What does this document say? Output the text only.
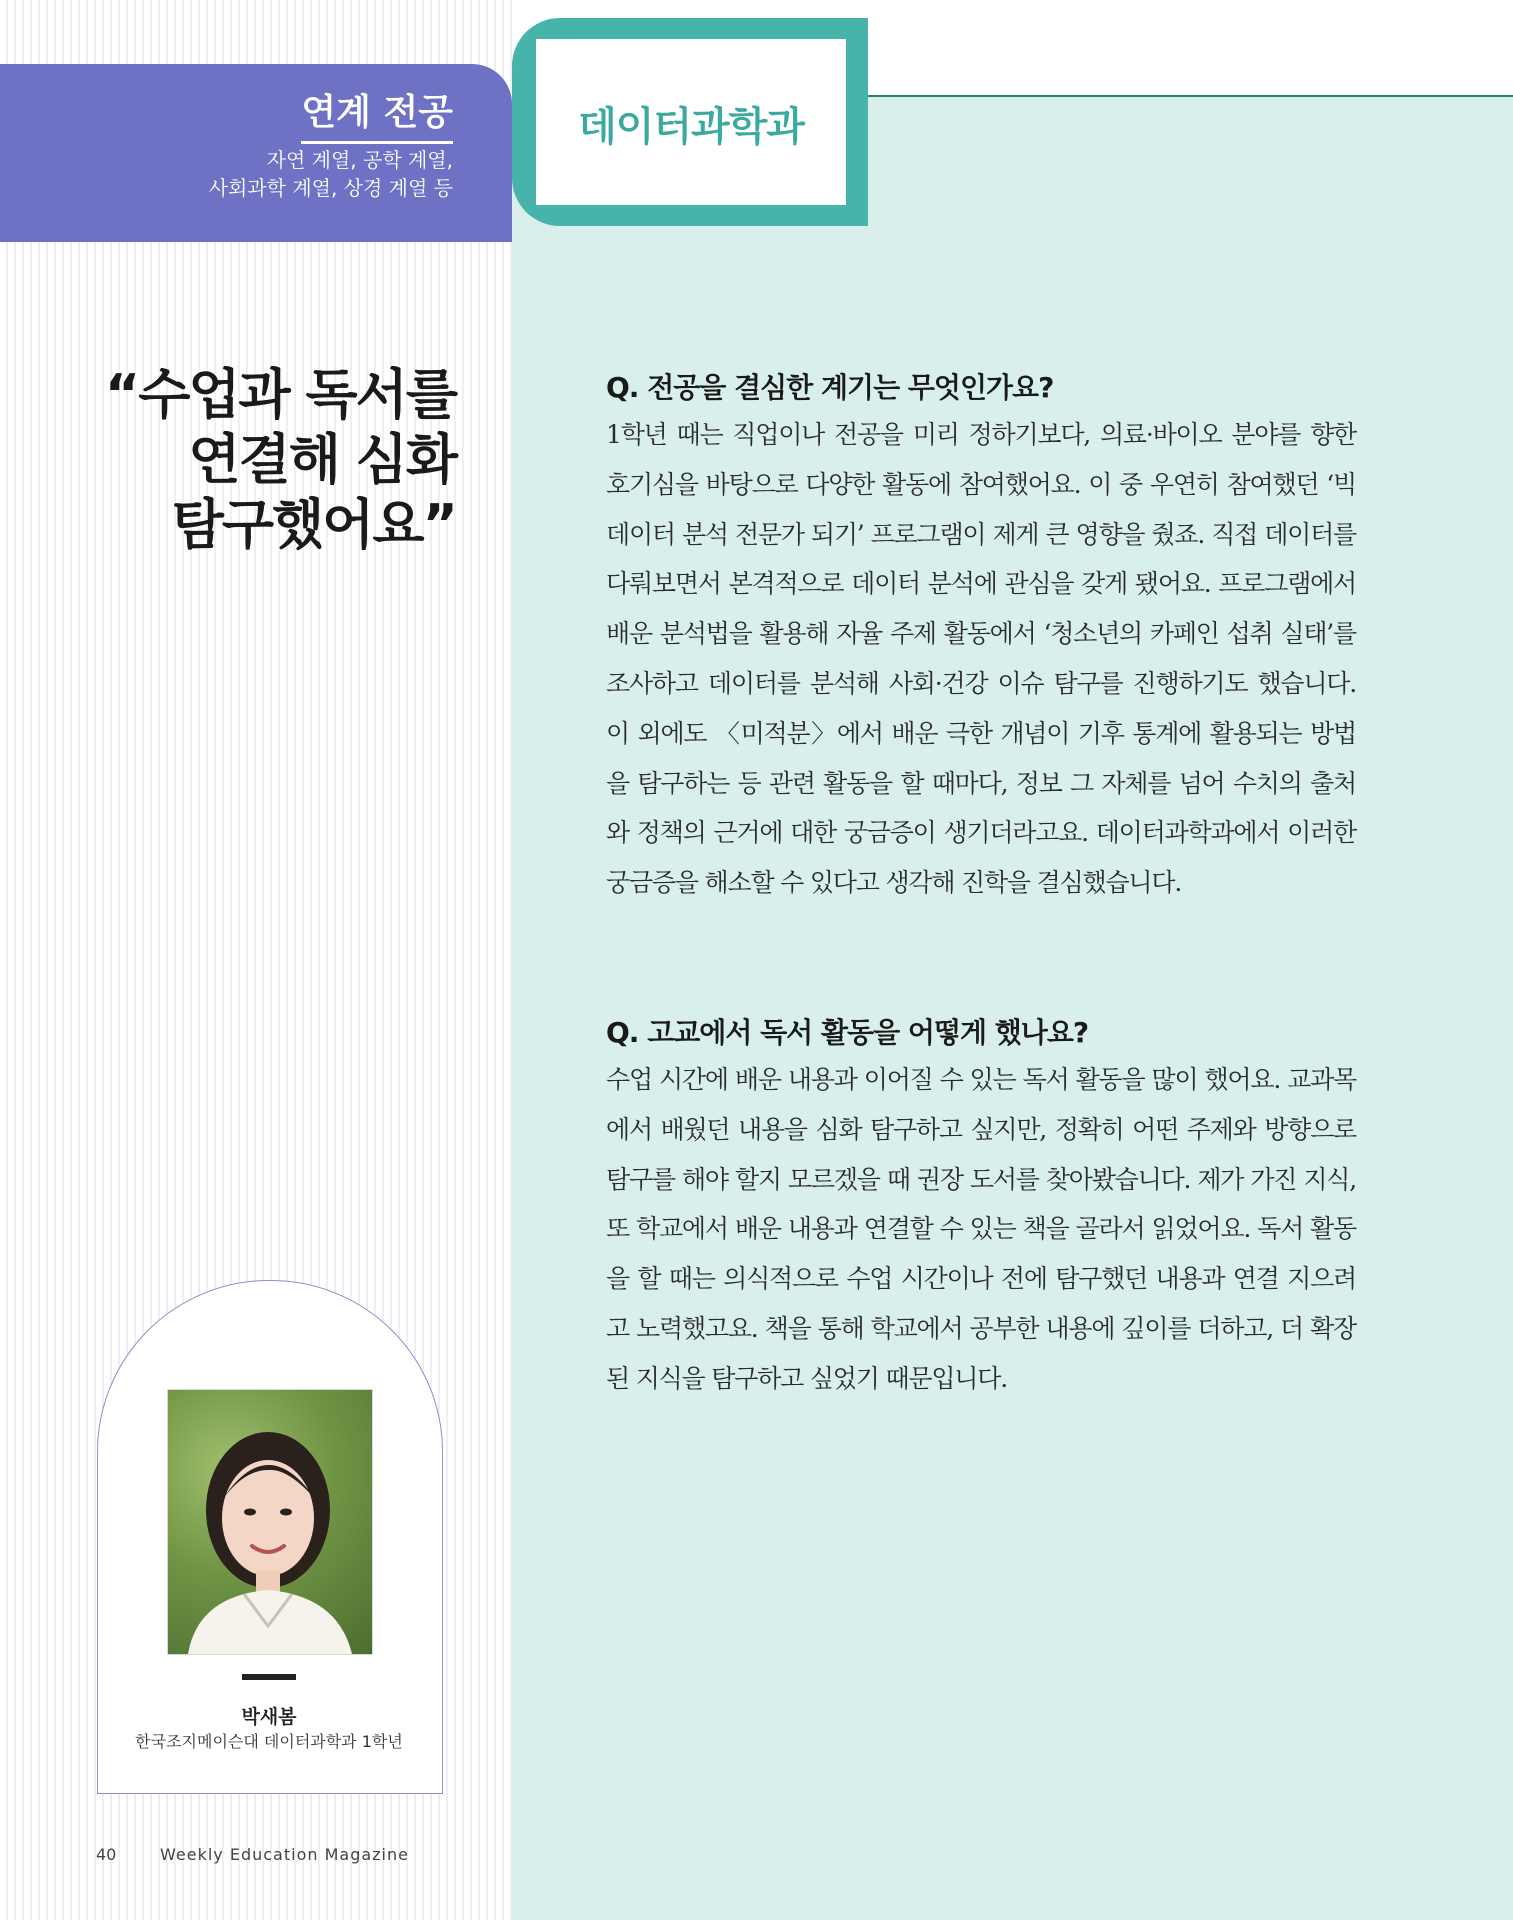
연계 전공
자연 계열, 공학 계열,
사회과학 계열, 상경 계열 등
데이터과학과
“수업과 독서를
연결해 심화
탐구했어요”
박새봄
한국조지메이슨대 데이터과학과 1학년
40	Weekly Education Magazine
Q. 전공을 결심한 계기는 무엇인가요?

1학년 때는 직업이나 전공을 미리 정하기보다, 의료·바이오 분야를 향한 호기심을 바탕으로 다양한 활동에 참여했어요. 이 중 우연히 참여했던 ‘빅데이터 분석 전문가 되기’ 프로그램이 제게 큰 영향을 줬죠. 직접 데이터를 다뤄보면서 본격적으로 데이터 분석에 관심을 갖게 됐어요. 프로그램에서 배운 분석법을 활용해 자율 주제 활동에서 ‘청소년의 카페인 섭취 실태’를 조사하고 데이터를 분석해 사회·건강 이슈 탐구를 진행하기도 했습니다. 이 외에도 〈미적분〉에서 배운 극한 개념이 기후 통계에 활용되는 방법을 탐구하는 등 관련 활동을 할 때마다, 정보 그 자체를 넘어 수치의 출처와 정책의 근거에 대한 궁금증이 생기더라고요. 데이터과학과에서 이러한 궁금증을 해소할 수 있다고 생각해 진학을 결심했습니다.

Q. 고교에서 독서 활동을 어떻게 했나요?

수업 시간에 배운 내용과 이어질 수 있는 독서 활동을 많이 했어요. 교과목에서 배웠던 내용을 심화 탐구하고 싶지만, 정확히 어떤 주제와 방향으로 탐구를 해야 할지 모르겠을 때 권장 도서를 찾아봤습니다. 제가 가진 지식, 또 학교에서 배운 내용과 연결할 수 있는 책을 골라서 읽었어요. 독서 활동을 할 때는 의식적으로 수업 시간이나 전에 탐구했던 내용과 연결 지으려고 노력했고요. 책을 통해 학교에서 공부한 내용에 깊이를 더하고, 더 확장된 지식을 탐구하고 싶었기 때문입니다.
